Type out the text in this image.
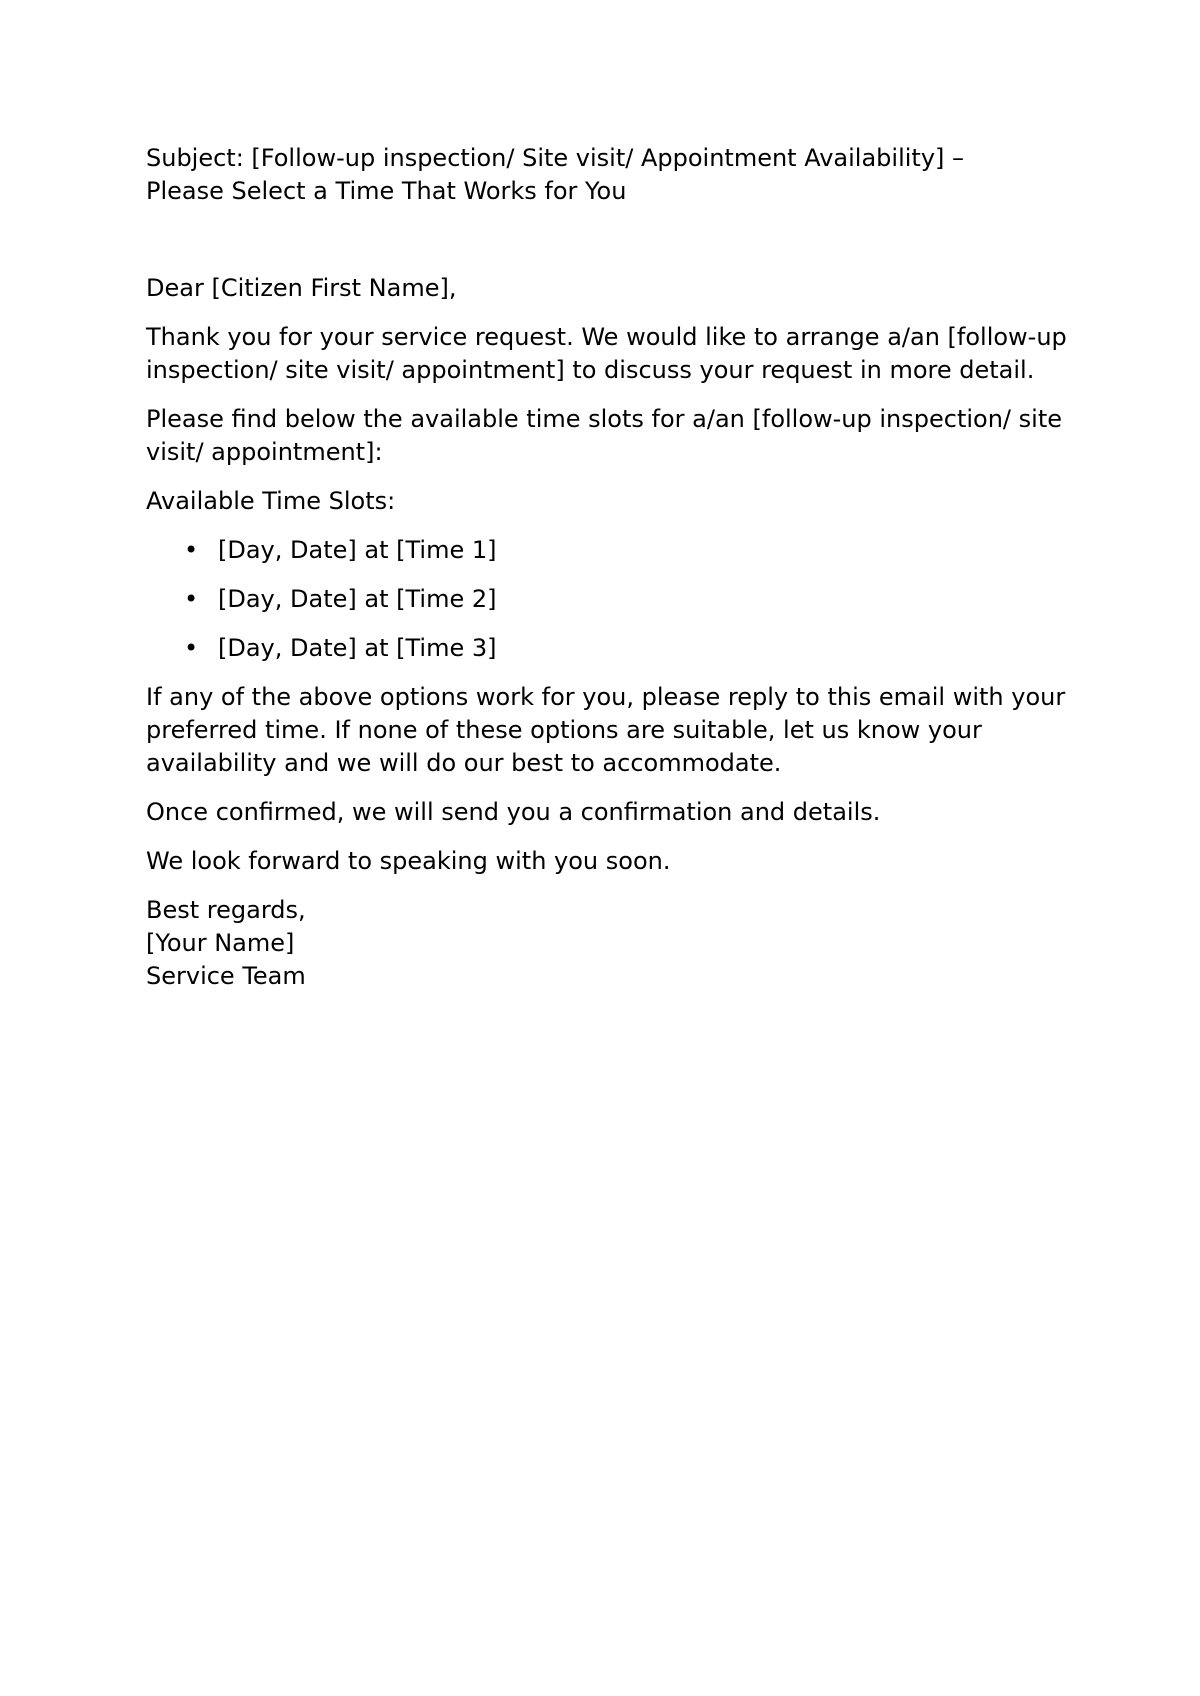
Subject: [Follow-up inspection/ Site visit/ Appointment Availability] –
Please Select a Time That Works for You

Dear [Citizen First Name],

Thank you for your service request. We would like to arrange a/an [follow-up inspection/ site visit/ appointment] to discuss your request in more detail.

Please find below the available time slots for a/an [follow-up inspection/ site visit/ appointment]:

Available Time Slots:

• [Day, Date] at [Time 1]
• [Day, Date] at [Time 2]
• [Day, Date] at [Time 3]

If any of the above options work for you, please reply to this email with your preferred time. If none of these options are suitable, let us know your availability and we will do our best to accommodate.

Once confirmed, we will send you a confirmation and details.

We look forward to speaking with you soon.

Best regards,
[Your Name]
Service Team
